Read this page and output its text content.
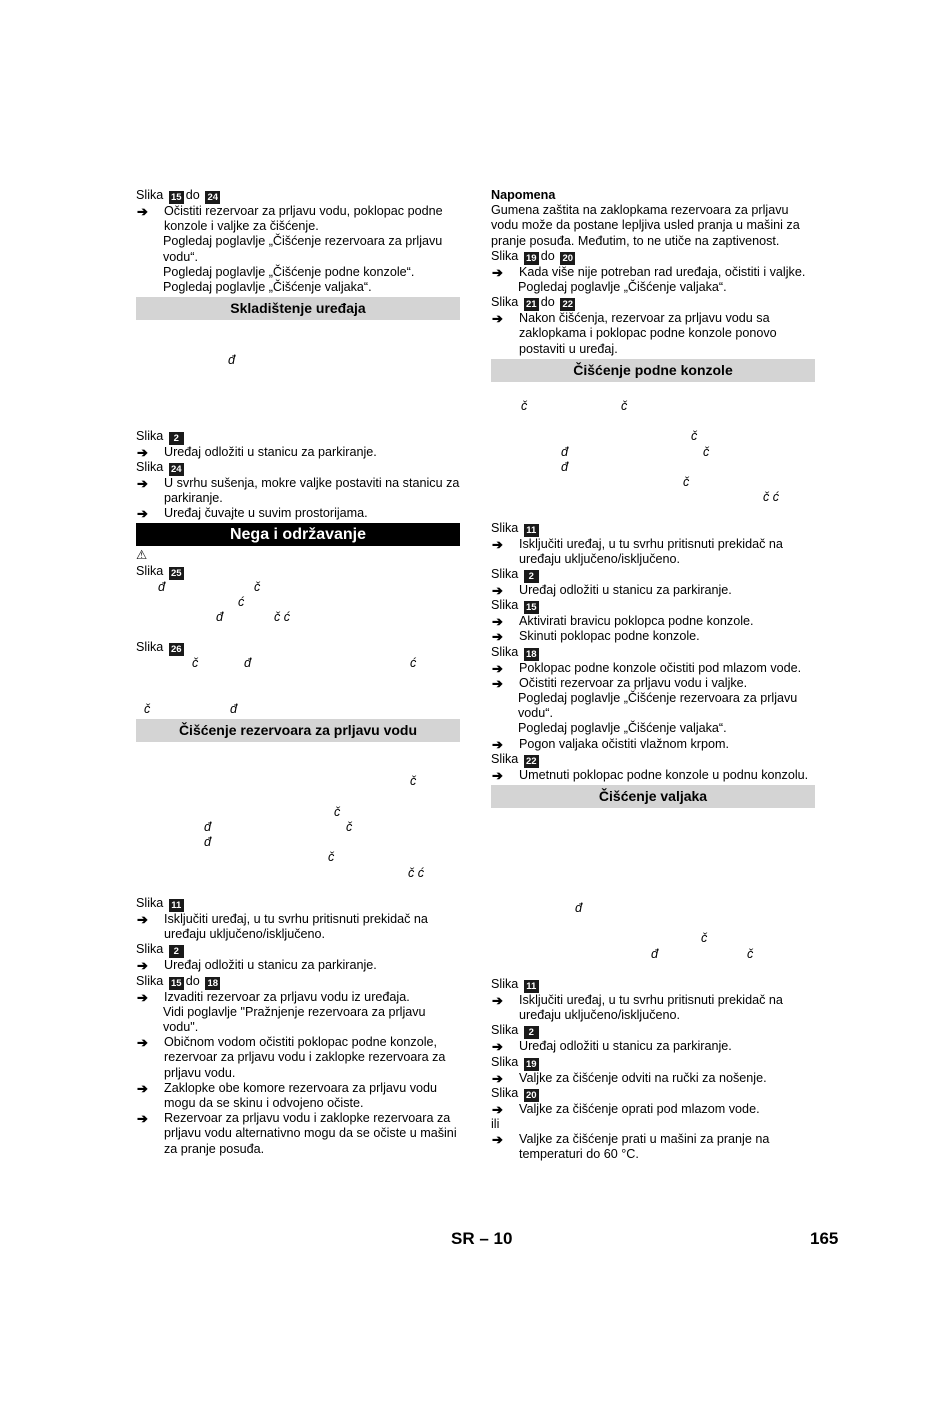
Slika 15 do 24
➔	Očistiti rezervoar za prljavu vodu, poklopac podne konzole i valjke za čišćenje.
Pogledaj poglavlje „Čišćenje rezervoara za prljavu vodu“.
Pogledaj poglavlje „Čišćenje podne konzole“.
Pogledaj poglavlje „Čišćenje valjaka“.
Skladištenje uređaja
đ
Slika 2
➔	Uređaj odložiti u stanicu za parkiranje.
Slika 24
➔	U svrhu sušenja, mokre valjke postaviti na stanicu za parkiranje.
➔	Uređaj čuvajte u suvim prostorijama.
Nega i održavanje
⚠
Slika 25
đ	č
ć
đ	č ć
Slika 26
č	đ	ć
č	đ
Čišćenje rezervoara za prljavu vodu
č
č
đ	č
đ
č
č ć
Slika 11
➔	Isključiti uređaj, u tu svrhu pritisnuti prekidač na uređaju uključeno/isključeno.
Slika 2
➔	Uređaj odložiti u stanicu za parkiranje.
Slika 15 do 18
➔	Izvaditi rezervoar za prljavu vodu iz uređaja.
Vidi poglavlje "Pražnjenje rezervoara za prljavu vodu".
➔	Običnom vodom očistiti poklopac podne konzole, rezervoar za prljavu vodu i zaklopke rezervoara za prljavu vodu.
➔	Zaklopke obe komore rezervoara za prljavu vodu mogu da se skinu i odvojeno očiste.
➔	Rezervoar za prljavu vodu i zaklopke rezervoara za prljavu vodu alternativno mogu da se očiste u mašini za pranje posuđa.
Napomena
Gumena zaštita na zaklopkama rezervoara za prljavu vodu može da postane lepljiva usled pranja u mašini za pranje posuđa. Međutim, to ne utiče na zaptivenost.
Slika 19 do 20
➔	Kada više nije potreban rad uređaja, očistiti i valjke.
Pogledaj poglavlje „Čišćenje valjaka“.
Slika 21 do 22
➔	Nakon čišćenja, rezervoar za prljavu vodu sa zaklopkama i poklopac podne konzole ponovo postaviti u uređaj.
Čišćenje podne konzole
č	č
č
đ	č
đ
č
č ć
Slika 11
➔	Isključiti uređaj, u tu svrhu pritisnuti prekidač na uređaju uključeno/isključeno.
Slika 2
➔	Uređaj odložiti u stanicu za parkiranje.
Slika 15
➔	Aktivirati bravicu poklopca podne konzole.
➔	Skinuti poklopac podne konzole.
Slika 18
➔	Poklopac podne konzole očistiti pod mlazom vode.
➔	Očistiti rezervoar za prljavu vodu i valjke.
Pogledaj poglavlje „Čišćenje rezervoara za prljavu vodu“.
Pogledaj poglavlje „Čišćenje valjaka“.
➔	Pogon valjaka očistiti vlažnom krpom.
Slika 22
➔	Umetnuti poklopac podne konzole u podnu konzolu.
Čišćenje valjaka
đ
č
đ	č
Slika 11
➔	Isključiti uređaj, u tu svrhu pritisnuti prekidač na uređaju uključeno/isključeno.
Slika 2
➔	Uređaj odložiti u stanicu za parkiranje.
Slika 19
➔	Valjke za čišćenje odviti na ručki za nošenje.
Slika 20
➔	Valjke za čišćenje oprati pod mlazom vode.
ili
➔	Valjke za čišćenje prati u mašini za pranje na temperaturi do 60 °C.
SR – 10	165
